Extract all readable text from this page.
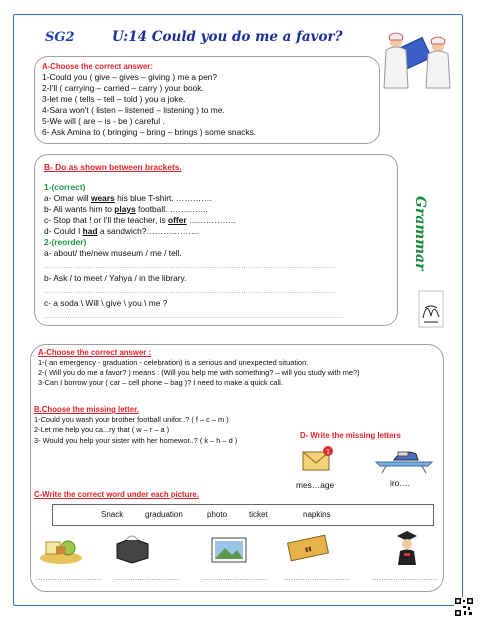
SG2	U:14 Could you do me a favor?
A-Choose the correct answer:
1-Could you ( give – gives – giving ) me a pen?
2-I'll ( carrying – carried – carry ) your book.
3-let me ( tells – tell – told ) you a joke.
4-Sara won't ( listen – listened – listening ) to me.
5-We will ( are – is - be ) careful .
6- Ask Amina to ( bringing – bring – brings ) some snacks.
B- Do as shown between brackets.
1-(correct)
a- Omar will wears his blue T-shirt. ………….
b- Ali wants him to plays football. …………..
c- Stop that ! or I'll the teacher, is offer ……………..
d- Could I had a sandwich?……………….
2-(reorder)
a- about/ the/new museum / me / tell.
…………………………………………………………………………………………………………
b- Ask / to meet / Yahya / in the library.
…………………………………………………………………………………………………………
c- a soda \ Will \ give \ you \ me ?
........................................................................................................................................................
Grammar
A-Choose the correct answer :
1-( an emergency - graduation - celebration) is a serious and unexpected situation.
2-( Will you do me a favor? ) means : (Will you help me with something? – will you study with me?)
3-Can I borrow your ( car – cell phone – bag )? I need to make a quick call.
B.Choose the missing letter.
1-Could you wash your brother football unifor..? ( f – c – m )
2-Let me help you ca...ry that ( w – r – a )
3- Would you help your sister with her homewor..? ( k – h – d )
D- Write the missing letters
1
mes…age	iro….
C-Write the correct word under each picture.
Snack	graduation	photo	ticket	napkins
▮▮
............................ ............................	............................ ............................	............................
